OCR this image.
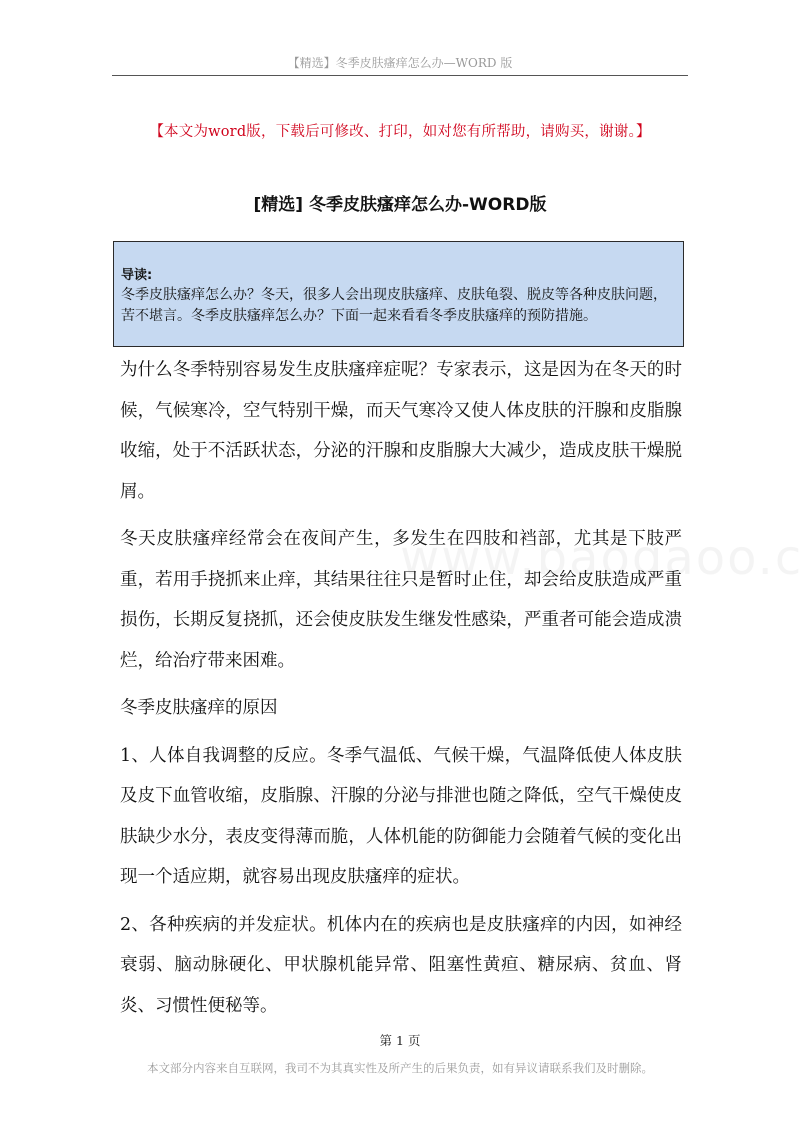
【精选】冬季皮肤瘙痒怎么办—WORD 版
【本文为word版，下载后可修改、打印，如对您有所帮助，请购买，谢谢。】
[精选] 冬季皮肤瘙痒怎么办-WORD版
导读:
冬季皮肤瘙痒怎么办？冬天，很多人会出现皮肤瘙痒、皮肤龟裂、脱皮等各种皮肤问题，苦不堪言。冬季皮肤瘙痒怎么办？下面一起来看看冬季皮肤瘙痒的预防措施。

为什么冬季特别容易发生皮肤瘙痒症呢？专家表示，这是因为在冬天的时候，气候寒冷，空气特别干燥，而天气寒冷又使人体皮肤的汗腺和皮脂腺收缩，处于不活跃状态，分泌的汗腺和皮脂腺大大减少，造成皮肤干燥脱屑。

冬天皮肤瘙痒经常会在夜间产生，多发生在四肢和裆部，尤其是下肢严重，若用手挠抓来止痒，其结果往往只是暂时止住，却会给皮肤造成严重损伤，长期反复挠抓，还会使皮肤发生继发性感染，严重者可能会造成溃烂，给治疗带来困难。

冬季皮肤瘙痒的原因

1、人体自我调整的反应。冬季气温低、气候干燥，气温降低使人体皮肤及皮下血管收缩，皮脂腺、汗腺的分泌与排泄也随之降低，空气干燥使皮肤缺少水分，表皮变得薄而脆，人体机能的防御能力会随着气候的变化出现一个适应期，就容易出现皮肤瘙痒的症状。

2、各种疾病的并发症状。机体内在的疾病也是皮肤瘙痒的内因，如神经衰弱、脑动脉硬化、甲状腺机能异常、阻塞性黄疸、糖尿病、贫血、肾炎、习惯性便秘等。

第 1 页
本文部分内容来自互联网，我司不为其真实性及所产生的后果负责，如有异议请联系我们及时删除。
